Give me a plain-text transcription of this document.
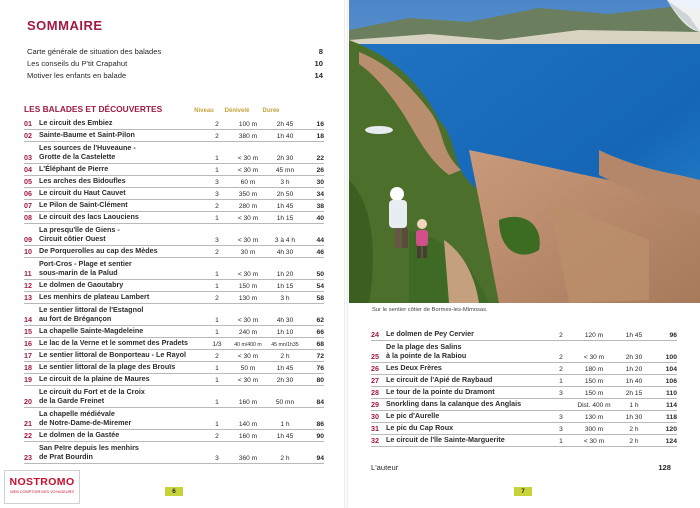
SOMMAIRE
Carte générale de situation des balades	8
Les conseils du P'tit Crapahut	10
Motiver les enfants en balade	14
LES BALADES ET DÉCOUVERTES	Niveau	Dénivelé	Durée
01 Le circuit des Embiez	2	100 m	2h 45	16
02 Sainte-Baume et Saint-Pilon	2	380 m	1h 40	18
03
Les sources de l'Huveaune -
Grotte de la Castelette	1	< 30 m	2h 30	22
04 L'Éléphant de Pierre	1	< 30 m	45 mn	26
05 Les arches des Bidoufles	3	60 m	3 h	30
06 Le circuit du Haut Cauvet	3	350 m	2h 50	34
07 Le Pilon de Saint-Clément	2	280 m	1h 45	38
08 Le circuit des lacs Laouciens	1	< 30 m	1h 15	40
09
La presqu'île de Giens -
Circuit côtier Ouest	3	< 30 m	3 à 4 h	44
10 De Porquerolles au cap des Mèdes	2	30 m	4h 30	46
11
Port-Cros - Plage et sentier
sous-marin de la Palud	1	< 30 m	1h 20	50
12 Le dolmen de Gaoutabry	1	150 m	1h 15	54
13 Les menhirs de plateau Lambert	2	130 m	3 h	58
14
Le sentier littoral de l'Estagnol
au fort de Brégançon	1	< 30 m	4h 30	62
15 La chapelle Sainte-Magdeleine	1	240 m	1h 10	66
16 Le lac de la Verne et le sommet des Pradets	1/3	40 m/400 m	45 mn/1h35	68
17 Le sentier littoral de Bonporteau - Le Rayol	2	< 30 m	2 h	72
18 Le sentier littoral de la plage des Brouïs	1	50 m	1h 45	76
19 Le circuit de la plaine de Maures	1	< 30 m	2h 30	80
20
Le circuit du Fort et de la Croix
de la Garde Freinet	1	160 m	50 mn	84
21
La chapelle médiévale
de Notre-Dame-de-Miremer	1	140 m	1 h	86
22 Le dolmen de la Gastée	2	160 m	1h 45	90
23
San Peïre depuis les menhirs
de Prat Bourdin	3	360 m	2 h	94
6
NOSTROMO
WEB COMPTOIR DES VOYAGEURS
Sur le sentier côtier de Bormes-les-Mimosas.
24 Le dolmen de Pey Cervier	2	120 m	1h 45	96
25
De la plage des Salins
à la pointe de la Rabiou	2	< 30 m	2h 30	100
26 Les Deux Frères	2	180 m	1h 20	104
27 Le circuit de l'Apié de Raybaud	1	150 m	1h 40	106
28 Le tour de la pointe du Dramont	3	150 m	2h 15	110
29 Snorkling dans la calanque des Anglais	Dist. 400 m	1 h	114
30 Le pic d'Aurelle	3	130 m	1h 30	118
31 Le pic du Cap Roux	3	300 m	2 h	120
32 Le circuit de l'île Sainte-Marguerite	1	< 30 m	2 h	124
L'auteur	128
7
